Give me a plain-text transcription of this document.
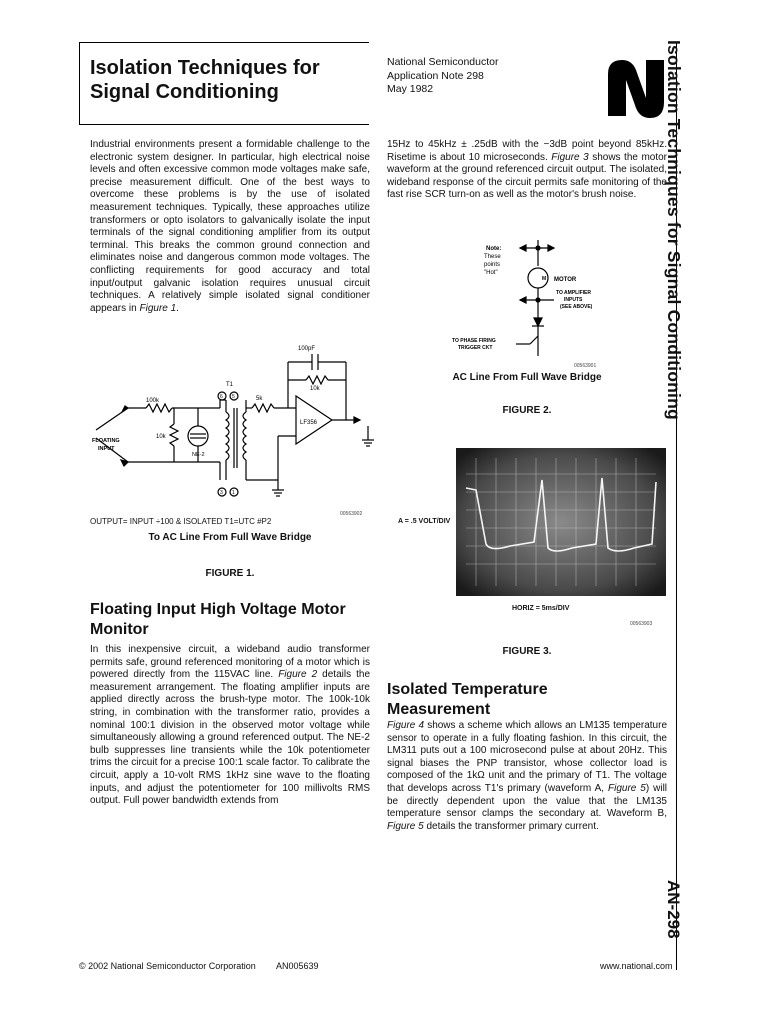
Isolation Techniques for Signal Conditioning
National Semiconductor
Application Note 298
May 1982	Isolation Techniques for Signal Conditioning
AN-298
Industrial environments present a formidable challenge to the electronic system designer. In particular, high electrical noise levels and often excessive common mode voltages make safe, precise measurement difficult. One of the best ways to overcome these problems is by the use of isolated measurement techniques. Typically, these approaches utilize transformers or opto isolators to galvanically isolate the input terminals of the signal conditioning amplifier from its output terminal. This breaks the common ground connection and eliminates noise and dangerous common mode voltages. The conflicting requirements for good accuracy and total input/output galvanic isolation requires unusual circuit techniques. A relatively simple isolated signal conditioner appears in Figure 1.
100pF
100k
T1
5k
10k
LF356
FLOATING
INPUT
10k
NE-2
6 5
3 1
00563902
OUTPUT= INPUT ÷100 & ISOLATED T1=UTC #P2
To AC Line From Full Wave Bridge
FIGURE 1.
Floating Input High Voltage Motor Monitor
In this inexpensive circuit, a wideband audio transformer permits safe, ground referenced monitoring of a motor which is powered directly from the 115VAC line. Figure 2 details the measurement arrangement. The floating amplifier inputs are applied directly across the brush-type motor. The 100k-10k string, in combination with the transformer ratio, provides a nominal 100:1 division in the observed motor voltage while simultaneously allowing a ground referenced output. The NE-2 bulb suppresses line transients while the 10k potentiometer trims the circuit for a precise 100:1 scale factor. To calibrate the circuit, apply a 10-volt RMS 1kHz sine wave to the floating inputs, and adjust the potentiometer for 100 millivolts RMS output. Full power bandwidth extends from
15Hz to 45kHz ± .25dB with the −3dB point beyond 85kHz. Risetime is about 10 microseconds. Figure 3 shows the motor waveform at the ground referenced circuit output. The isolated, wideband response of the circuit permits safe monitoring of the fast rise SCR turn-on as well as the motor's brush noise.
M
Note:
These
points
"Hot"
MOTOR
TO AMPLIFIER
INPUTS
(SEE ABOVE)
TO PHASE FIRING
TRIGGER CKT
00563901
AC Line From Full Wave Bridge
FIGURE 2.
A = .5 VOLT/DIV
HORIZ = 5ms/DIV
00563903
FIGURE 3.
Isolated Temperature Measurement
Figure 4 shows a scheme which allows an LM135 temperature sensor to operate in a fully floating fashion. In this circuit, the LM311 puts out a 100 microsecond pulse at about 20Hz. This signal biases the PNP transistor, whose collector load is composed of the 1kΩ unit and the primary of T1. The voltage that develops across T1's primary (waveform A, Figure 5) will be directly dependent upon the value that the LM135 temperature sensor clamps the secondary at. Waveform B, Figure 5 details the transformer primary current.
© 2002 National Semiconductor Corporation AN005639	www.national.com
